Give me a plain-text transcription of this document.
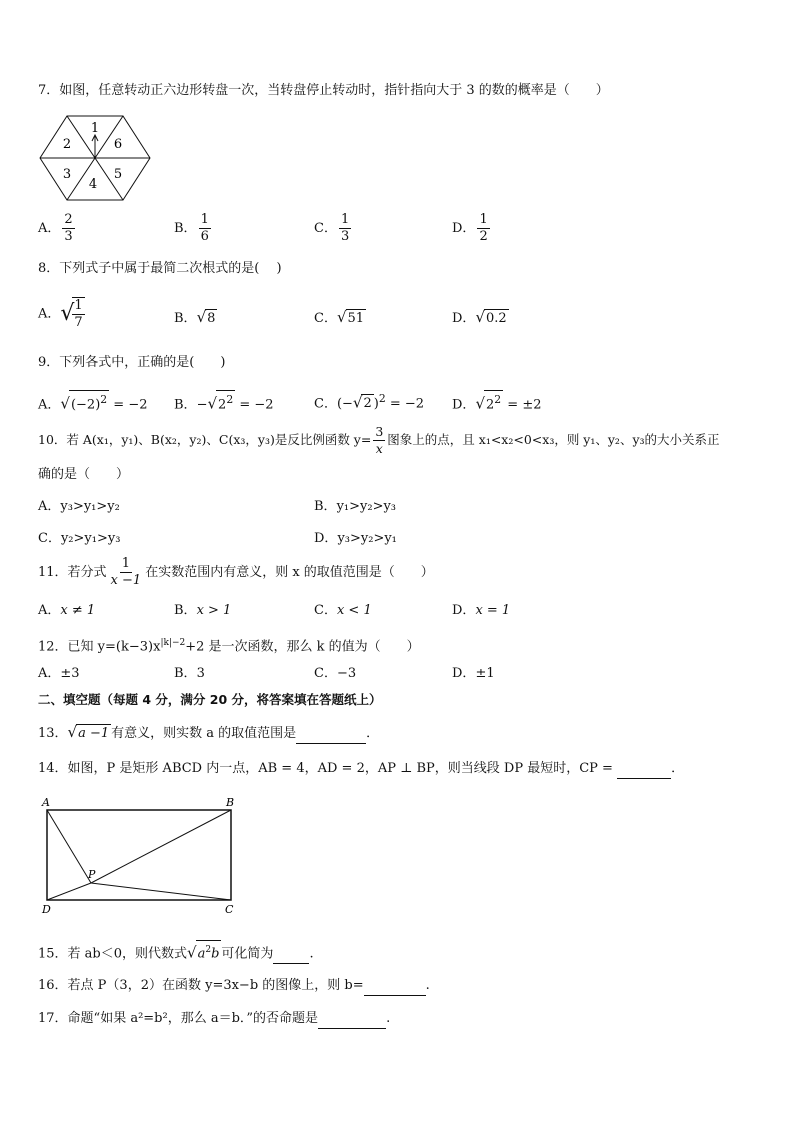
7．如图，任意转动正六边形转盘一次，当转盘停止转动时，指针指向大于 3 的数的概率是（　　）
1
6
5
4
3
2
A． $\frac{2}{3}$	B． $\frac{1}{6}$	C． $\frac{1}{3}$	D． $\frac{1}{2}$
8．下列式子中属于最简二次根式的是(　 )
A．√
$\frac{1}{7}$	B．√8	C．√51	D．√0.2
9．下列各式中，正确的是(　　)
A．$√(-2)^2 = -2$ B．$-√2^2 = -2$	C．(−√2 )$^2$ = −2 D．$√2^2 = \pm 2$
10．若 A(x₁，y₁)、B(x₂，y₂)、C(x₃，y₃)是反比例函数 $y= \frac{3}{x}$ 图象上的点，且 x₁<x₂<0<x₃，则 y₁、y₂、y₃的大小关系正
确的是（　　）
A．y₃>y₁>y₂	B．y₁>y₂>y₃
C．y₂>y₁>y₃	D．y₃>y₂>y₁
11．若分式 $\frac{1}{x -1}$ 在实数范围内有意义，则 x 的取值范围是（　　）
A．x ≠ 1	B．x > 1	C．x < 1	D．x = 1
12．已知 $y=(k-3)x^{|k|-2}+2$ 是一次函数，那么 k 的值为（　　）
A．±3	B．3	C．−3	D．±1
二、填空题（每题 4 分，满分 20 分，将答案填在答题纸上）
13．√a −1 有意义，则实数 a 的取值范围是	．
14．如图，P 是矩形 ABCD 内一点，AB = 4，AD = 2，AP ⊥ BP，则当线段 DP 最短时，CP =	．
A	B
C
D
P
15．若 ab＜0，则代数式$√a^2b$ 可化简为	.
16．若点 P（3，2）在函数 y=3x−b 的图像上，则 b=	.
17．命题“如果 a²=b²，那么 a＝b．”的否命题是	.
